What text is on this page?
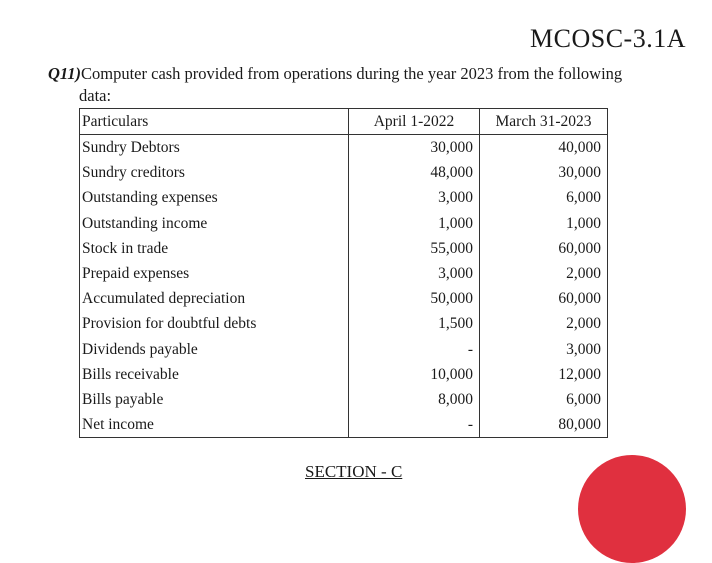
MCOSC-3.1A
Q11)Computer cash provided from operations during the year 2023 from the following
data:
Particulars	April 1-2022	March 31-2023
Sundry Debtors	30,000	40,000
Sundry creditors	48,000	30,000
Outstanding expenses	3,000	6,000
Outstanding income	1,000	1,000
Stock in trade	55,000	60,000
Prepaid expenses	3,000	2,000
Accumulated depreciation	50,000	60,000
Provision for doubtful debts	1,500	2,000
Dividends payable	-	3,000
Bills receivable	10,000	12,000
Bills payable	8,000	6,000
Net income	-	80,000
SECTION - C
